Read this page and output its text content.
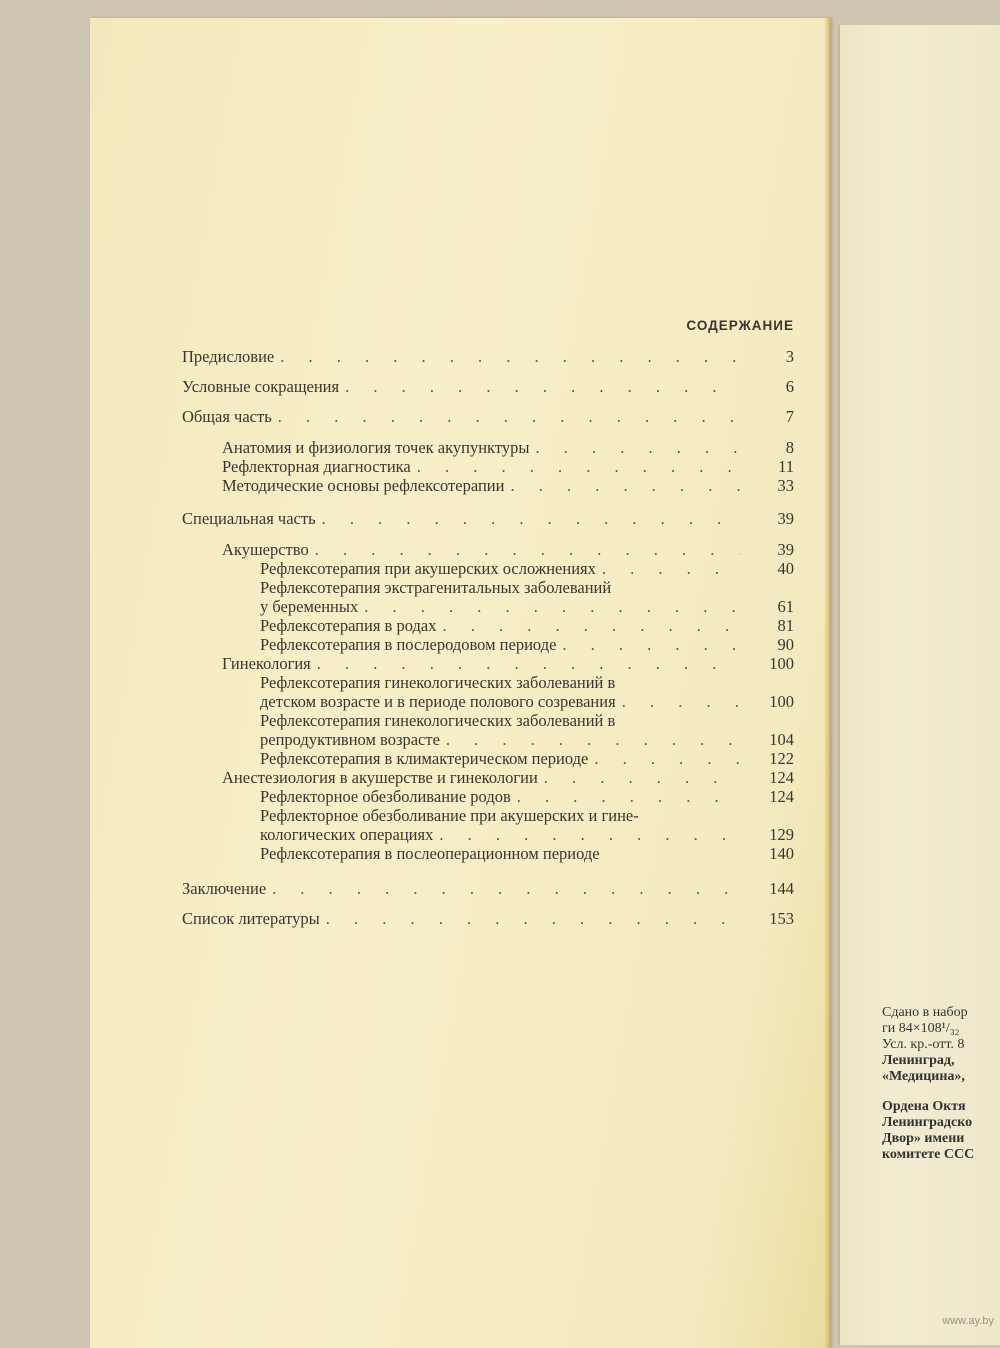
СОДЕРЖАНИЕ
Предисловие . . .	3
Условные сокращения . . .	6
Общая часть . . .	7
Анатомия и физиология точек акупунктуры . . .	8
Рефлекторная диагностика . . .	11
Методические основы рефлексотерапии . . .	33
Специальная часть . . .	39
Акушерство . . .	39
Рефлексотерапия при акушерских осложнениях . . .	40
Рефлексотерапия экстрагенитальных заболеваний
у беременных . . .	61
Рефлексотерапия в родах . . .	81
Рефлексотерапия в послеродовом периоде . . .	90
Гинекология . . .	100
Рефлексотерапия гинекологических заболеваний в
детском возрасте и в периоде полового созревания . . .	100
Рефлексотерапия гинекологических заболеваний в
репродуктивном возрасте . . .	104
Рефлексотерапия в климактерическом периоде . . .	122
Анестезиология в акушерстве и гинекологии . . .	124
Рефлекторное обезболивание родов . . .	124
Рефлекторное обезболивание при акушерских и гине-
кологических операциях . . .	129
Рефлексотерапия в послеоперационном периоде	140
Заключение . . .	144
Список литературы . . .	153
Сдано в набор
ги 84×108¹/₃₂
Усл. кр.-отт. 8
Ленинград,
«Медицина»,
Ордена Октя
Ленинградско
Двор» имени
комитете ССС
www.ay.by
